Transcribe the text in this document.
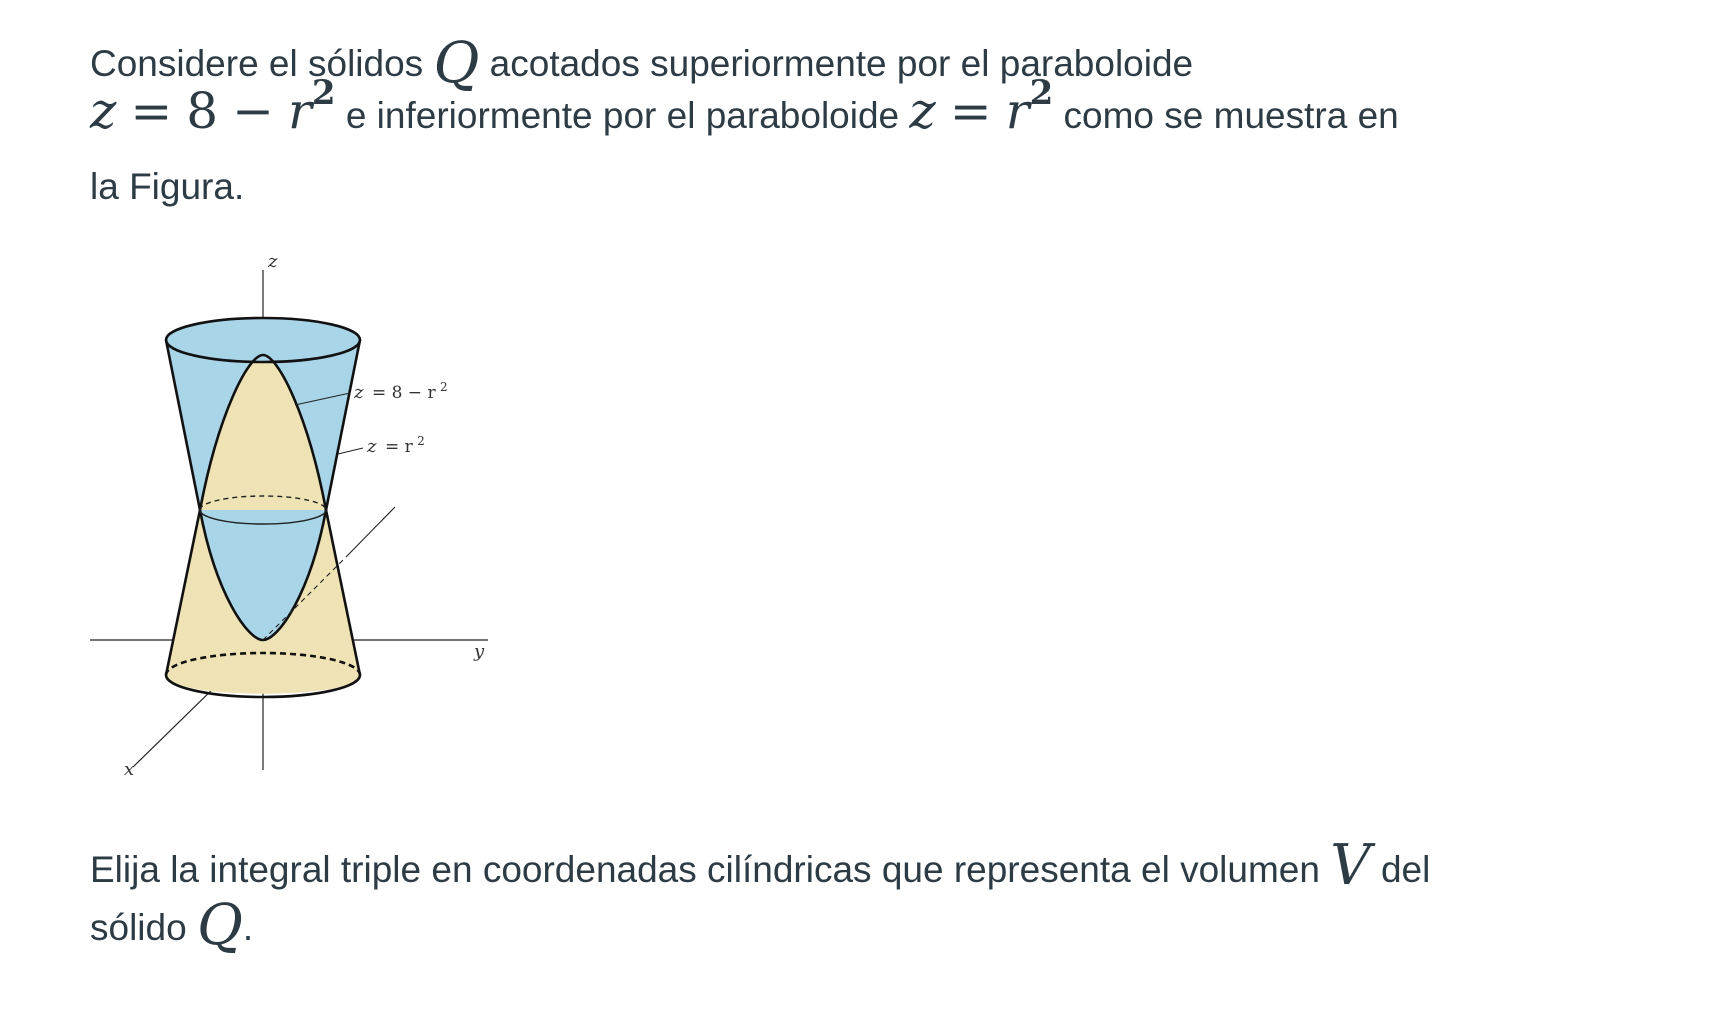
Considere el sólidos Q acotados superiormente por el paraboloide
z = 8 − r2 e inferiormente por el paraboloide z = r2 como se muestra en
la Figura.
z
y
x
z = 8 − r $^2$
z = r $^2$
Elija la integral triple en coordenadas cilíndricas que representa el volumen V del
sólido Q.
